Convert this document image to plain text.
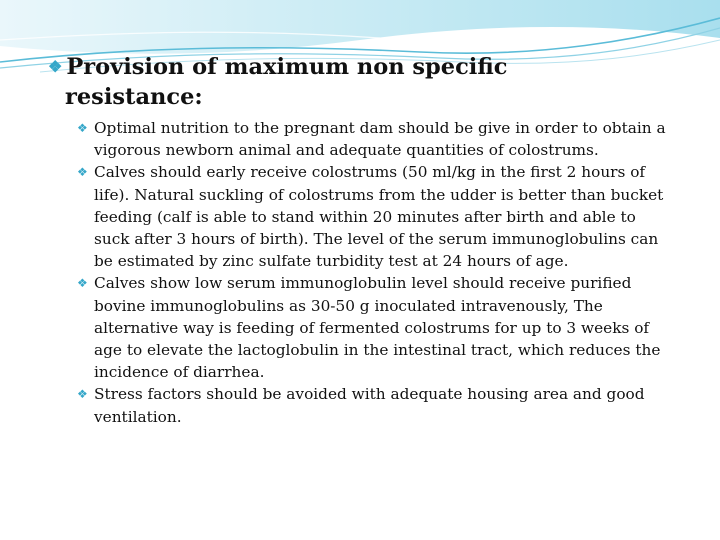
❖ Provision of maximum non specific
resistance:
❖ Optimal nutrition to the pregnant dam should be give in order to obtain a vigorous newborn animal and adequate quantities of colostrums.
❖ Calves should early receive colostrums (50 ml/kg in the first 2 hours of life). Natural suckling of colostrums from the udder is better than bucket feeding (calf is able to stand within 20 minutes after birth and able to suck after 3 hours of birth). The level of the serum immunoglobulins can be estimated by zinc sulfate turbidity test at 24 hours of age.
❖ Calves show low serum immunoglobulin level should receive purified bovine immunoglobulins as 30-50 g inoculated intravenously, The alternative way is feeding of fermented colostrums for up to 3 weeks of age to elevate the lactoglobulin in the intestinal tract, which reduces the incidence of diarrhea.
❖ Stress factors should be avoided with adequate housing area and good ventilation.
